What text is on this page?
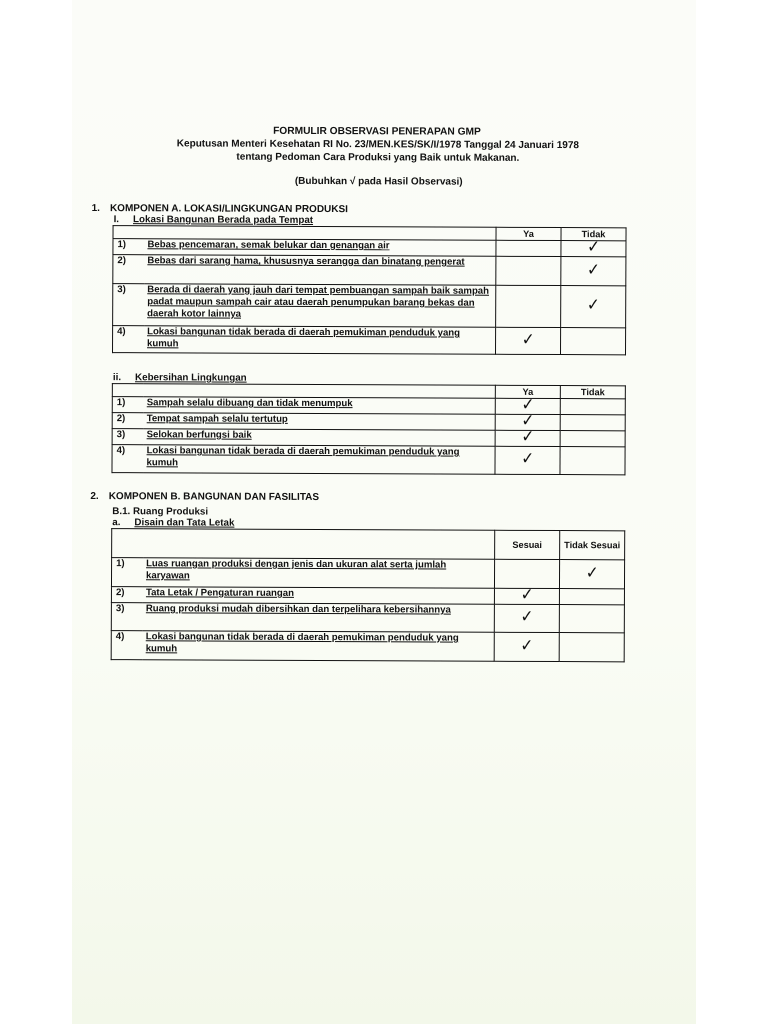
FORMULIR OBSERVASI PENERAPAN GMP
Keputusan Menteri Kesehatan RI No. 23/MEN.KES/SK/I/1978 Tanggal 24 Januari 1978
tentang Pedoman Cara Produksi yang Baik untuk Makanan.
(Bubuhkan √ pada Hasil Observasi)
1. KOMPONEN A. LOKASI/LINGKUNGAN PRODUKSI
I. Lokasi Bangunan Berada pada Tempat
		Ya	Tidak
1)	Bebas pencemaran, semak belukar dan genangan air		✓
2)	Bebas dari sarang hama, khususnya serangga dan binatang pengerat		✓
3)	Berada di daerah yang jauh dari tempat pembuangan sampah baik sampah padat maupun sampah cair atau daerah penumpukan barang bekas dan daerah kotor lainnya		✓
4)	Lokasi bangunan tidak berada di daerah pemukiman penduduk yang kumuh	✓	
ii. Kebersihan Lingkungan
		Ya	Tidak
1)	Sampah selalu dibuang dan tidak menumpuk	✓	
2)	Tempat sampah selalu tertutup	✓	
3)	Selokan berfungsi baik	✓	
4)	Lokasi bangunan tidak berada di daerah pemukiman penduduk yang kumuh	✓	
2. KOMPONEN B. BANGUNAN DAN FASILITAS
B.1. Ruang Produksi
a. Disain dan Tata Letak
		Sesuai	Tidak Sesuai
1)	Luas ruangan produksi dengan jenis dan ukuran alat serta jumlah karyawan		✓
2)	Tata Letak / Pengaturan ruangan	✓	
3)	Ruang produksi mudah dibersihkan dan terpelihara kebersihannya	✓	
4)	Lokasi bangunan tidak berada di daerah pemukiman penduduk yang kumuh	✓	
